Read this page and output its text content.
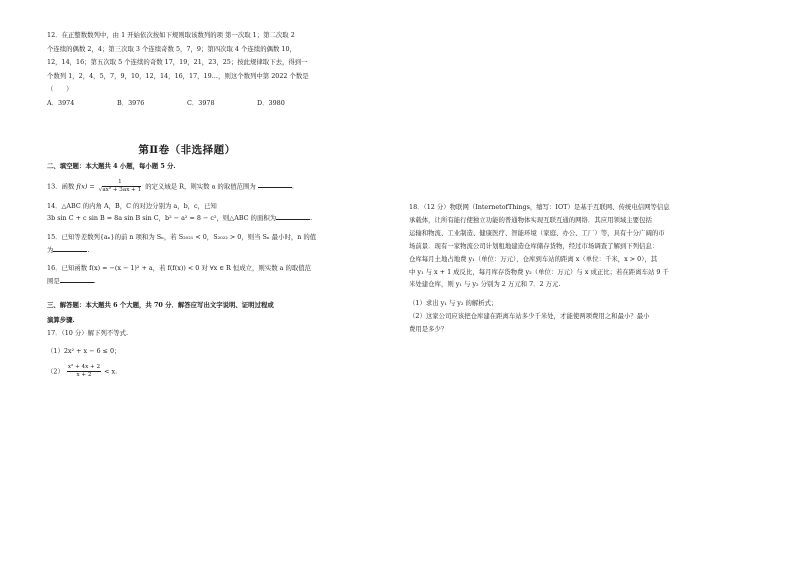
12．在正整数数列中，由 1 开始依次按如下规则取该数列的项 第一次取 1；第二次取 2
个连续的偶数 2，4；第三次取 3 个连续奇数 5，7，9；第四次取 4 个连续的偶数 10，
12，14，16；第五次取 5 个连续的奇数 17，19，21，23，25；按此规律取下去，得到一
个数列 1，2，4，5，7，9，10，12，14，16，17，19…，则这个数列中第 2022 个数是
（　　）
A．3974	B．3976	C．3978	D．3980
第Ⅱ卷（非选择题）
二、填空题：本大题共 4 小题，每小题 5 分.
13．函数 $f(x) = \frac{1}{\text{√ax² + 3ax + 1}}$ 的定义域是 R，则实数 a 的取值范围为	.
14．△ABC 的内角 A，B，C 的对边分别为 a，b，c，已知
3b sin C + c sin B = 8a sin B sin C，b² − a² = 8 − c²，则△ABC 的面积为	.
15．已知等差数列{aₙ}的前 n 项和为 Sₙ，若 S₂₀₂₁ < 0，S₂₀₂₂ > 0，则当 Sₙ 最小时，n 的值
为	.
16．已知函数 f(x) = −(x − 1)² + a，若 f(f(x)) < 0 对 ∀x ∈ R 恒成立，则实数 a 的取值范
围是	.
三、解答题：本大题共 6 个大题，共 70 分．解答应写出文字说明、证明过程或
演算步骤.
17．（10 分）解下列不等式.
（1）2x² + x − 6 ≤ 0；
$(2) \frac{\text{x² + 4x + 2}}{x + 2} < x$.
18．（12 分）物联网（InternetofThings，缩写：IOT）是基于互联网、传统电信网等信息
承载体，让所有能行使独立功能的普通物体实现互联互通的网络．其应用领域主要包括
运输和物流、工业制造、健康医疗、智能环境（家庭、办公、工厂）等，具有十分广阔的市
场前景．现有一家物流公司计划租地建造仓库储存货物，经过市场调查了解到下列信息：
仓库每月土地占地费 y₁（单位：万元），仓库到车站的距离 x（单位：千米，x > 0），其
中 y₁ 与 x + 1 成反比，每月库存货物费 y₂（单位：万元）与 x 成正比；若在距离车站 9 千
米处建仓库，则 y₁ 与 y₂ 分别为 2 万元和 7．2 万元.
（1）求出 y₁ 与 y₂ 的解析式；
（2）这家公司应该把仓库建在距离车站多少千米处，才能使两项费用之和最小？最小
费用是多少？
